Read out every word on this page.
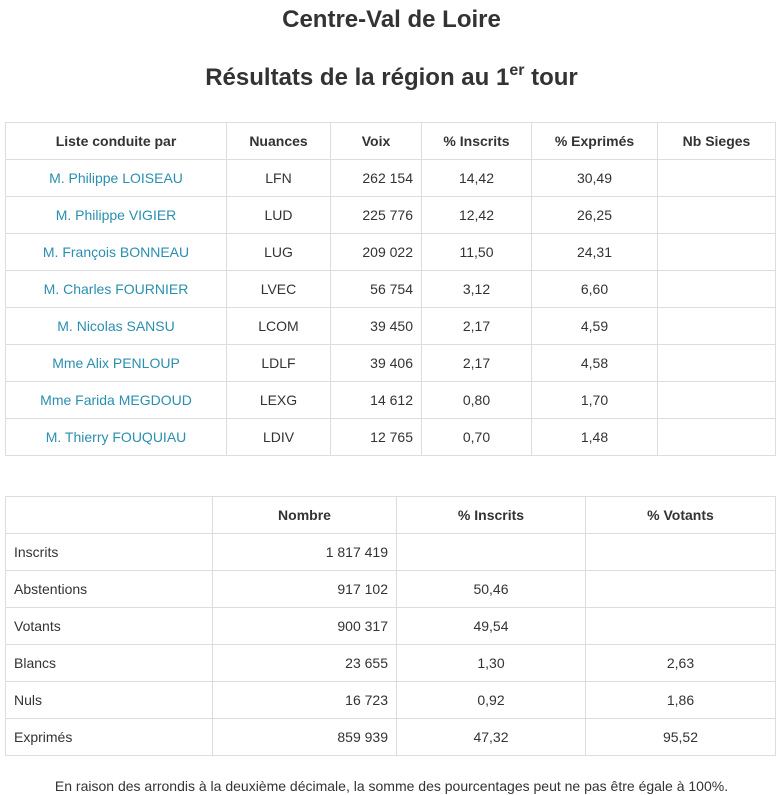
Centre-Val de Loire
Résultats de la région au 1er tour
Liste conduite par	Nuances	Voix	% Inscrits	% Exprimés	Nb Sieges
M. Philippe LOISEAU	LFN	262 154	14,42	30,49	
M. Philippe VIGIER	LUD	225 776	12,42	26,25	
M. François BONNEAU	LUG	209 022	11,50	24,31	
M. Charles FOURNIER	LVEC	56 754	3,12	6,60	
M. Nicolas SANSU	LCOM	39 450	2,17	4,59	
Mme Alix PENLOUP	LDLF	39 406	2,17	4,58	
Mme Farida MEGDOUD	LEXG	14 612	0,80	1,70	
M. Thierry FOUQUIAU	LDIV	12 765	0,70	1,48	
	Nombre	% Inscrits	% Votants
Inscrits	1 817 419		
Abstentions	917 102	50,46	
Votants	900 317	49,54	
Blancs	23 655	1,30	2,63
Nuls	16 723	0,92	1,86
Exprimés	859 939	47,32	95,52
En raison des arrondis à la deuxième décimale, la somme des pourcentages peut ne pas être égale à 100%.
